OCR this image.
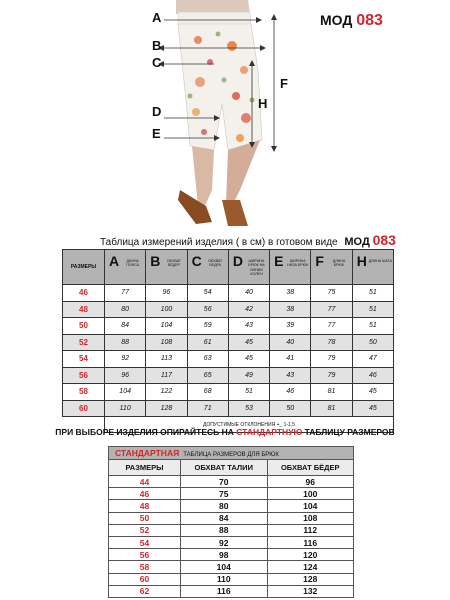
A
B
C
D
E
F
H
МОД 083
Таблица измерений изделия ( в см) в готовом виде МОД 083
РАЗМЕРЫ	A ДЛИНА ПОЯСА	B ОБХВАТ БЁДЕР	C ОБХВАТ БЕДРА	D ШИРИНА БРЮК НА ЛИНИИ КОЛЕН	E ШИРИНА НИЗА БРЮК	F ДЛИНА БРЮК	H ДЛИНА ШАГА

46	77	96	54	40	38	75	51
48	80	100	56	42	38	77	51
50	84	104	59	43	39	77	51
52	88	108	61	45	40	78	50
54	92	113	63	45	41	79	47
56	96	117	65	49	43	79	46
58	104	122	68	51	46	81	45
60	110	128	71	53	50	81	45
	ДОПУСТИМЫЕ ОТКЛОНЕНИЯ +_ 1-1,5						
ПРИ ВЫБОРЕ ИЗДЕЛИЯ ОПИРАЙТЕСЬ НА СТАНДАРТНУЮ ТАБЛИЦУ РАЗМЕРОВ
СТАНДАРТНАЯ ТАБЛИЦА РАЗМЕРОВ ДЛЯ БРЮК		
РАЗМЕРЫ	ОБХВАТ ТАЛИИ	ОБХВАТ БЁДЕР
44	70	96
46	75	100
48	80	104
50	84	108
52	88	112
54	92	116
56	98	120
58	104	124
60	110	128
62	116	132
